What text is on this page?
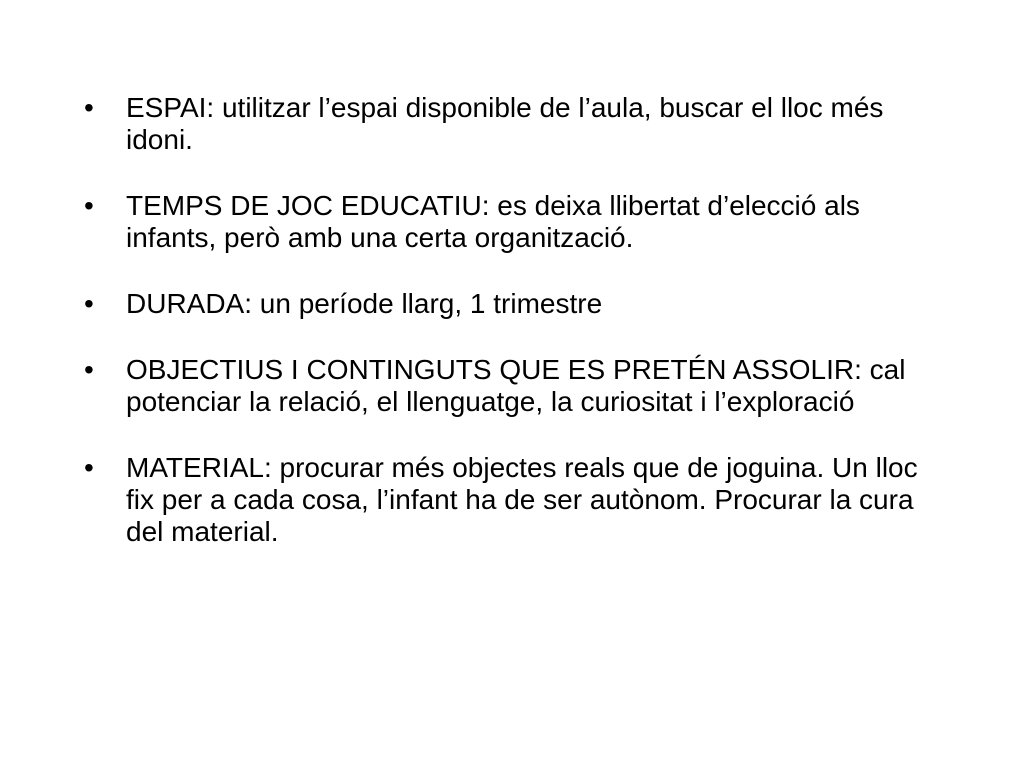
•	ESPAI: utilitzar l’espai disponible de l’aula, buscar el lloc més idoni.
•	TEMPS DE JOC EDUCATIU: es deixa llibertat d’elecció als infants, però amb una certa organització.
•	DURADA: un període llarg, 1 trimestre
•	OBJECTIUS I CONTINGUTS QUE ES PRETÉN ASSOLIR: cal potenciar la relació, el llenguatge, la curiositat i l’exploració
•	MATERIAL: procurar més objectes reals que de joguina. Un lloc fix per a cada cosa, l’infant ha de ser autònom. Procurar la cura del material.
